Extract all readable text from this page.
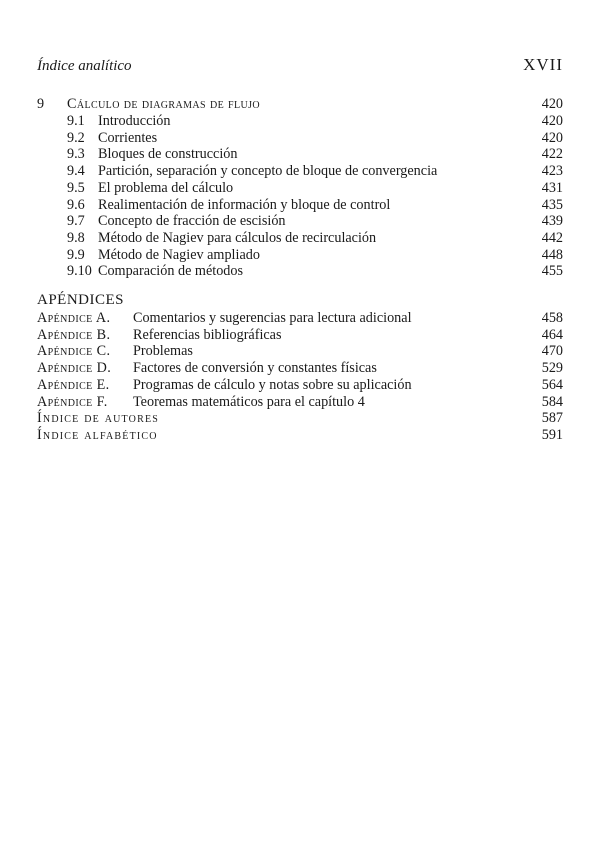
Índice analítico	XVII
9 Cálculo de diagramas de flujo	420
9.1 Introducción	420
9.2 Corrientes	420
9.3 Bloques de construcción	422
9.4 Partición, separación y concepto de bloque de convergencia	423
9.5 El problema del cálculo	431
9.6 Realimentación de información y bloque de control	435
9.7 Concepto de fracción de escisión	439
9.8 Método de Nagiev para cálculos de recirculación	442
9.9 Método de Nagiev ampliado	448
9.10 Comparación de métodos	455
APÉNDICES
Apéndice A. Comentarios y sugerencias para lectura adicional	458
Apéndice B. Referencias bibliográficas	464
Apéndice C. Problemas	470
Apéndice D. Factores de conversión y constantes físicas	529
Apéndice E. Programas de cálculo y notas sobre su aplicación	564
Apéndice F. Teoremas matemáticos para el capítulo 4	584
Índice de autores	587
Índice alfabético	591
